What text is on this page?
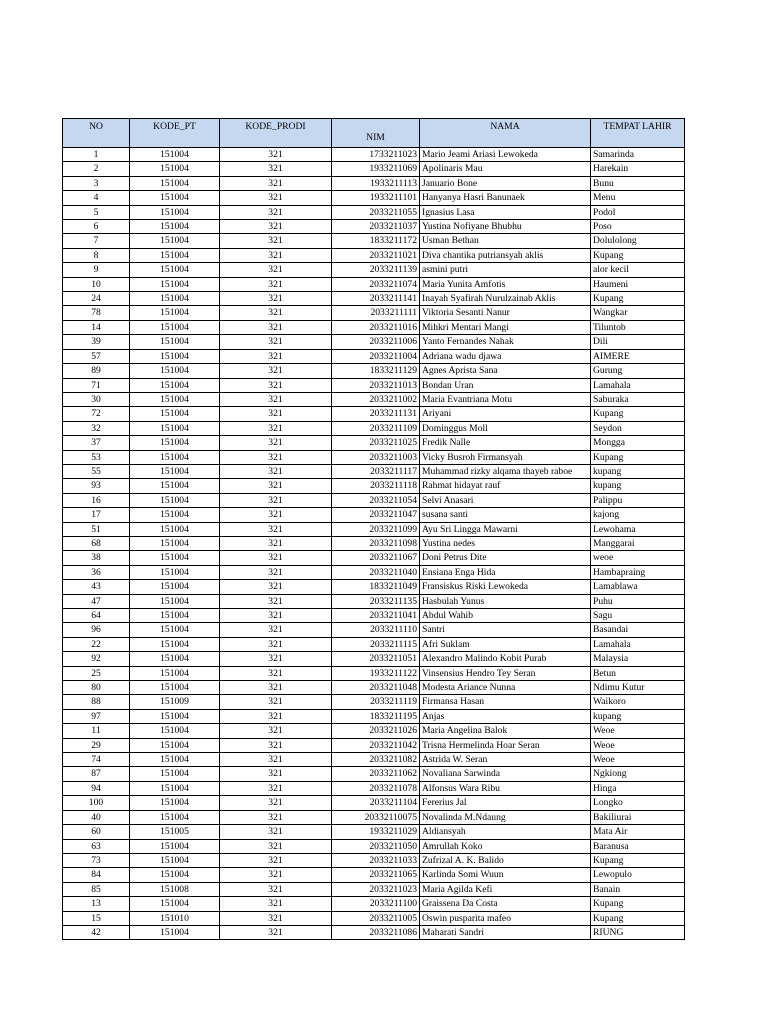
NO	KODE_PT	KODE_PRODI	NIM	NAMA	TEMPAT LAHIR
1	151004	321	1733211023	Mario Jeami Ariasi Lewokeda	Samarinda
2	151004	321	1933211069	Apolinaris Mau	Harekain
3	151004	321	1933211113	Januario Bone	Bunu
4	151004	321	1933211101	Hanyanya Hasri Banunaek	Menu
5	151004	321	2033211055	Ignasius Lasa	Podol
6	151004	321	2033211037	Yustina Nofiyane Bhubhu	Poso
7	151004	321	1833211172	Usman Bethan	Dolulolong
8	151004	321	2033211021	Diva chantika putriansyah aklis	Kupang
9	151004	321	2033211139	asmini putri	alor kecil
10	151004	321	2033211074	Maria Yunita Amfotis	Haumeni
24	151004	321	2033211141	Inayah Syafirah Nurulzainab Aklis	Kupang
78	151004	321	2033211111	Viktoria Sesanti Nanur	Wangkar
14	151004	321	2033211016	Mihkri Mentari Mangi	Tiluntob
39	151004	321	2033211006	Yanto Fernandes Nahak	Dili
57	151004	321	2033211004	Adriana wadu djawa	AIMERE
89	151004	321	1833211129	Agnes Aprista Sana	Gurung
71	151004	321	2033211013	Bondan Uran	Lamahala
30	151004	321	2033211002	Maria Evantriana Motu	Saburaka
72	151004	321	2033211131	Ariyani	Kupang
32	151004	321	2033211109	Dominggus Moll	Seydon
37	151004	321	2033211025	Fredik Nalle	Mongga
53	151004	321	2033211003	Vicky Busroh Firmansyah	Kupang
55	151004	321	2033211117	Muhammad rizky alqama thayeb raboe	kupang
93	151004	321	2033211118	Rahmat hidayat rauf	kupang
16	151004	321	2033211054	Selvi Anasari	Palippu
17	151004	321	2033211047	susana santi	kajong
51	151004	321	2033211099	Ayu Sri Lingga Mawarni	Lewohama
68	151004	321	2033211098	Yustina nedes	Manggarai
38	151004	321	2033211067	Doni Petrus Dite	weoe
36	151004	321	2033211040	Ensiana Enga Hida	Hambapraing
43	151004	321	1833211049	Fransiskus Riski Lewokeda	Lamablawa
47	151004	321	2033211135	Hasbulah Yunus	Puhu
64	151004	321	2033211041	Abdul Wahib	Sagu
96	151004	321	2033211110	Santri	Basandai
22	151004	321	2033211115	Afri Suklam	Lamahala
92	151004	321	2033211051	Alexandro Malindo Kobit Purab	Malaysia
25	151004	321	1933211122	Vinsensius Hendro Tey Seran	Betun
80	151004	321	2033211048	Modesta Ariance Nunna	Ndimu Kutur
88	151009	321	2033211119	Firmansa Hasan	Waikoro
97	151004	321	1833211195	Anjas	kupang
11	151004	321	2033211026	Maria Angelina Balok	Weoe
29	151004	321	2033211042	Trisna Hermelinda Hoar Seran	Weoe
74	151004	321	2033211082	Astrida W. Seran	Weoe
87	151004	321	2033211062	Novaliana Sarwinda	Ngkiong
94	151004	321	2033211078	Alfonsus Wara Ribu	Hinga
100	151004	321	2033211104	Fererius Jal	Longko
40	151004	321	20332110075	Novalinda M.Ndaung	Bakiliurai
60	151005	321	1933211029	Aldiansyah	Mata Air
63	151004	321	2033211050	Amrullah Koko	Baranusa
73	151004	321	2033211033	Zufrizal A. K. Balido	Kupang
84	151004	321	2033211065	Karlinda Somi Wuun	Lewopulo
85	151008	321	2033211023	Maria Agilda Kefi	Banain
13	151004	321	2033211100	Graissena Da Costa	Kupang
15	151010	321	2033211005	Oswin pusparita mafeo	Kupang
42	151004	321	2033211086	Maharati Sandri	RIUNG
